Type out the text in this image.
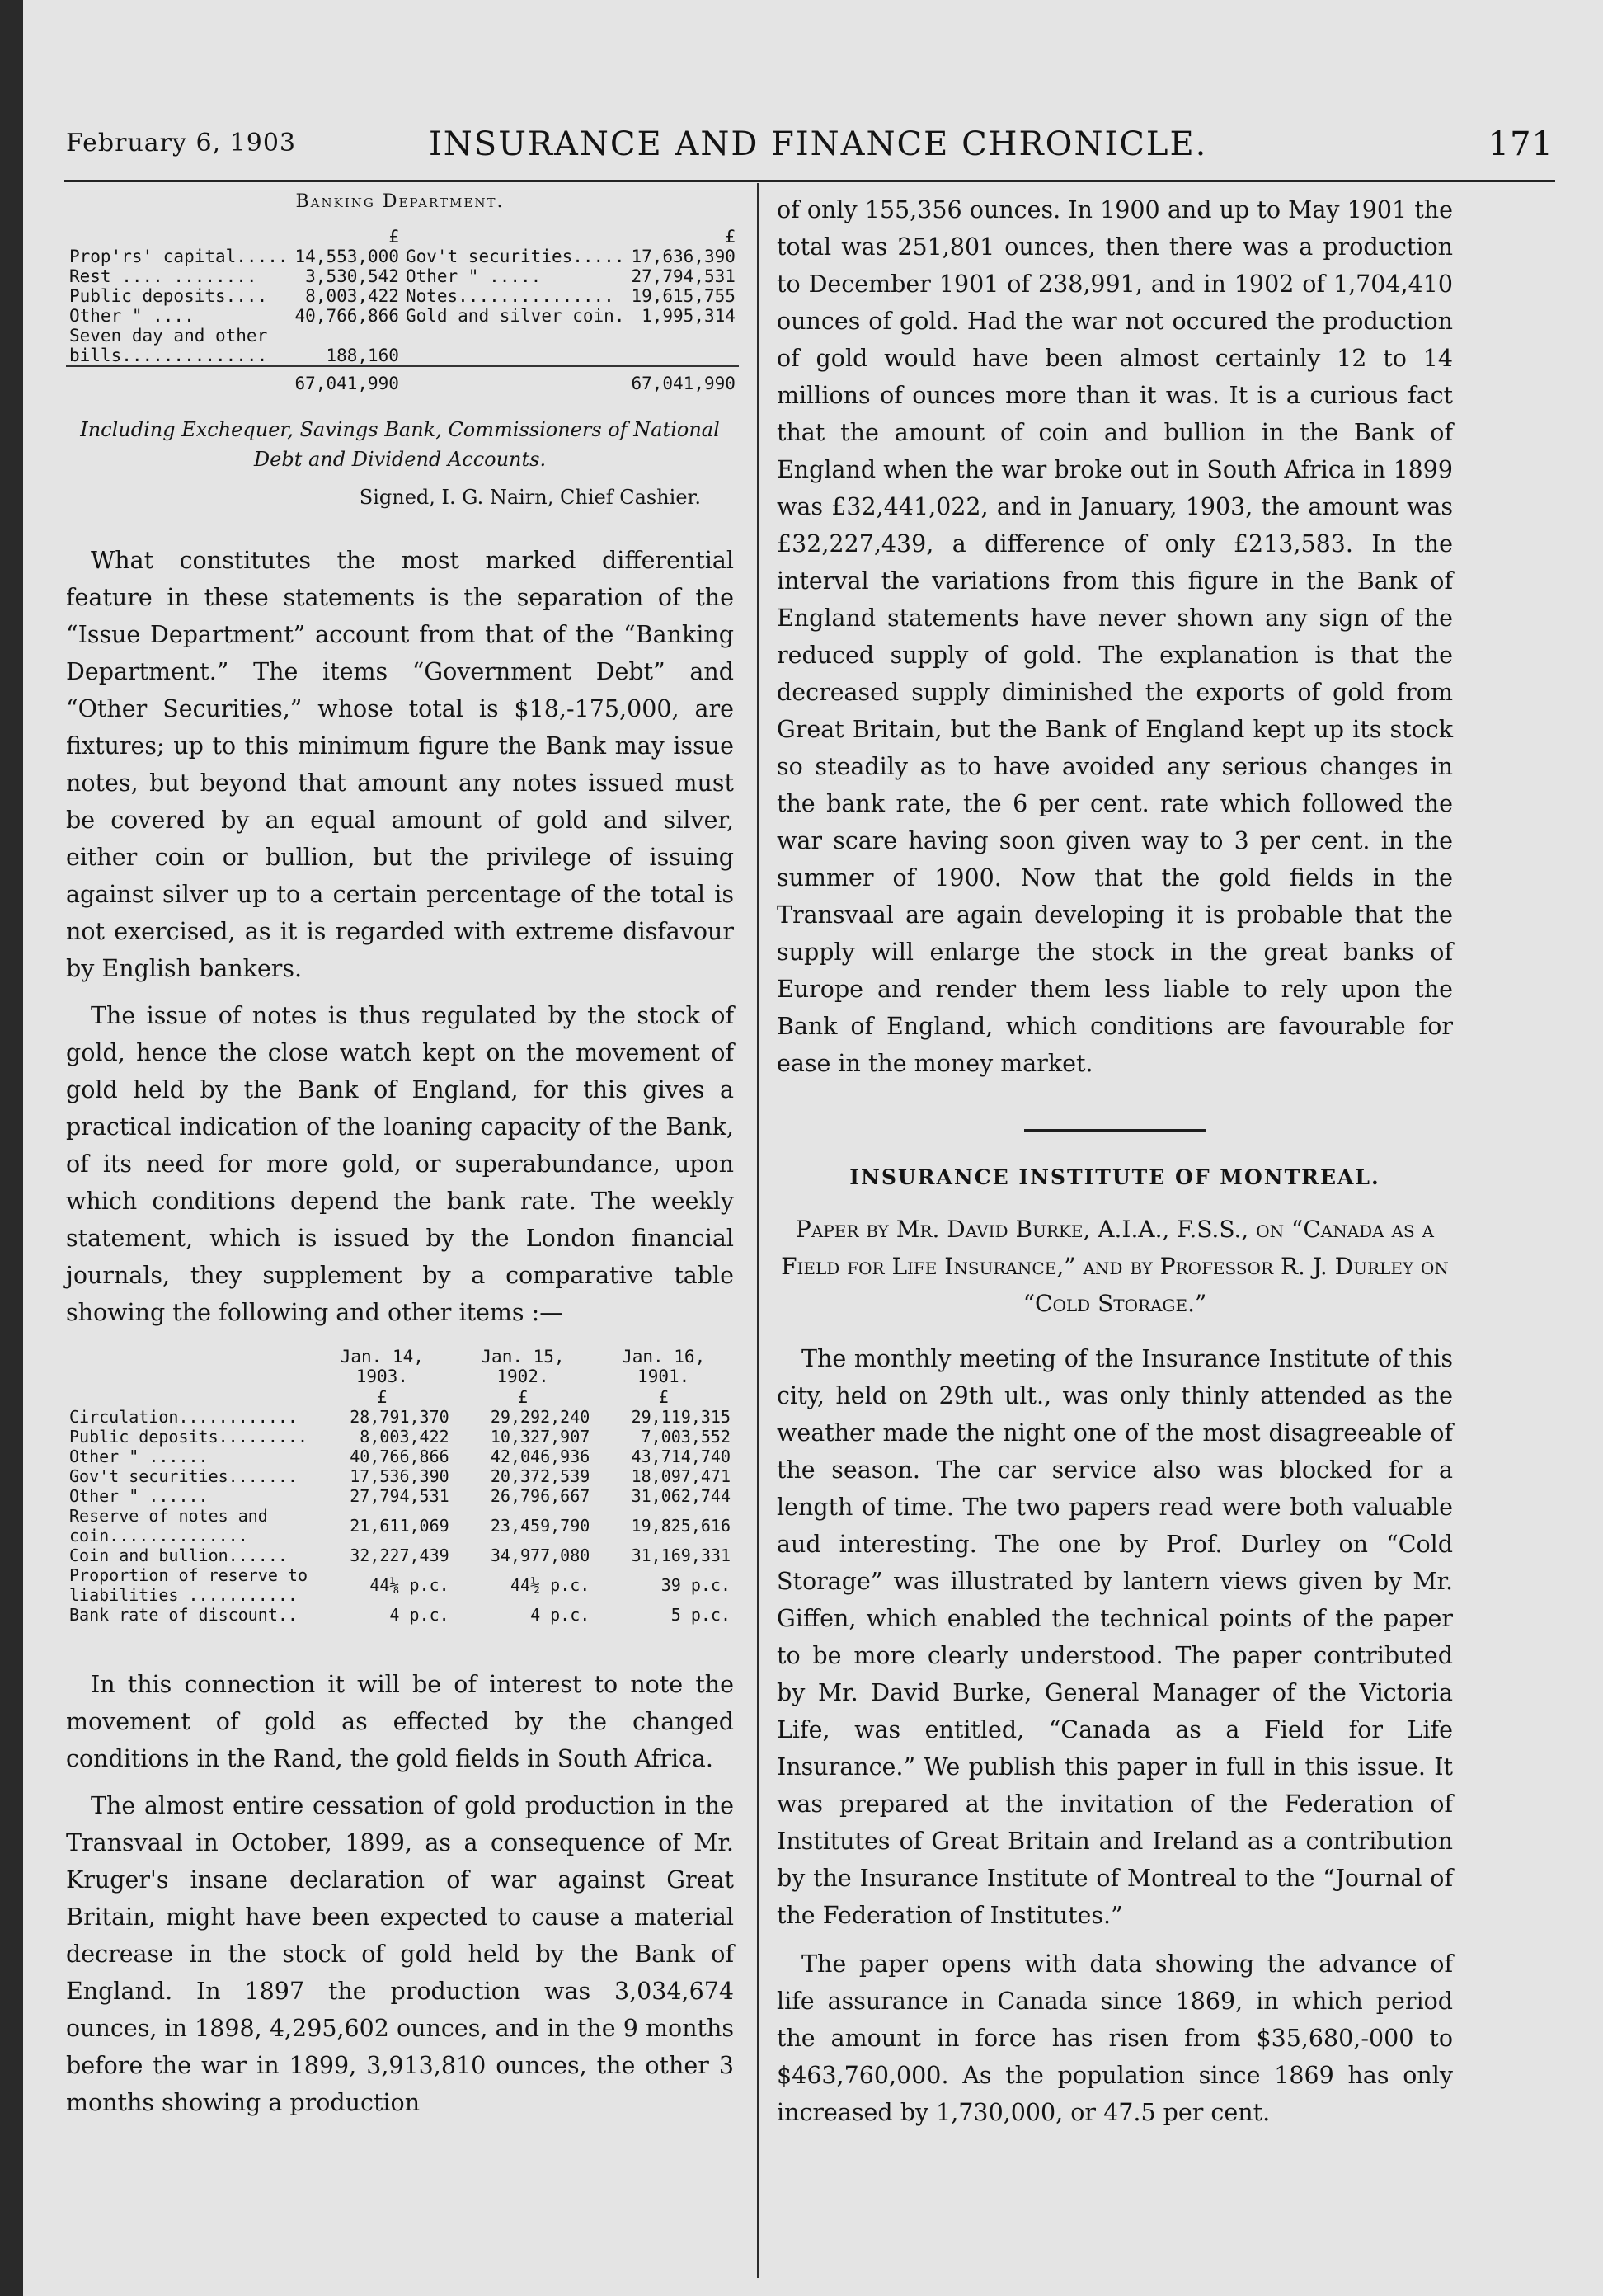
February 6, 1903	INSURANCE AND FINANCE CHRONICLE.	171
Banking Department.
	£		£
Prop'rs' capital.....	14,553,000	Gov't securities.....	17,636,390
Rest .... ........	3,530,542	Other " .....	27,794,531
Public deposits....	8,003,422	Notes...............	19,615,755
Other " ....	40,766,866	Gold and silver coin.	1,995,314
Seven day and other			
bills..............	188,160		
	67,041,990		67,041,990
Including Exchequer, Savings Bank, Commissioners of National
Debt and Dividend Accounts.
Signed, I. G. Nairn, Chief Cashier.

What constitutes the most marked differential feature in these statements is the separation of the “Issue Department” account from that of the “Banking Department.” The items “Government Debt” and “Other Securities,” whose total is $18,-175,000, are fixtures; up to this minimum figure the Bank may issue notes, but beyond that amount any notes issued must be covered by an equal amount of gold and silver, either coin or bullion, but the privilege of issuing against silver up to a certain percentage of the total is not exercised, as it is regarded with extreme disfavour by English bankers.

The issue of notes is thus regulated by the stock of gold, hence the close watch kept on the movement of gold held by the Bank of England, for this gives a practical indication of the loaning capacity of the Bank, of its need for more gold, or superabundance, upon which conditions depend the bank rate. The weekly statement, which is issued by the London financial journals, they supplement by a comparative table showing the following and other items :—

	Jan. 14, 1903.	Jan. 15, 1902.	Jan. 16, 1901.
	£	£	£
Circulation............	28,791,370	29,292,240	29,119,315
Public deposits.........	8,003,422	10,327,907	7,003,552
Other " ......	40,766,866	42,046,936	43,714,740
Gov't securities.......	17,536,390	20,372,539	18,097,471
Other " ......	27,794,531	26,796,667	31,062,744
Reserve of notes and coin..............	21,611,069	23,459,790	19,825,616
Coin and bullion......	32,227,439	34,977,080	31,169,331
Proportion of reserve to liabilities ...........	44⅛ p.c.	44½ p.c.	39 p.c.
Bank rate of discount..	4 p.c.	4 p.c.	5 p.c.

In this connection it will be of interest to note the movement of gold as effected by the changed conditions in the Rand, the gold fields in South Africa.

The almost entire cessation of gold production in the Transvaal in October, 1899, as a consequence of Mr. Kruger's insane declaration of war against Great Britain, might have been expected to cause a material decrease in the stock of gold held by the Bank of England. In 1897 the production was 3,034,674 ounces, in 1898, 4,295,602 ounces, and in the 9 months before the war in 1899, 3,913,810 ounces, the other 3 months showing a production

of only 155,356 ounces. In 1900 and up to May 1901 the total was 251,801 ounces, then there was a production to December 1901 of 238,991, and in 1902 of 1,704,410 ounces of gold. Had the war not occured the production of gold would have been almost certainly 12 to 14 millions of ounces more than it was. It is a curious fact that the amount of coin and bullion in the Bank of England when the war broke out in South Africa in 1899 was £32,441,022, and in January, 1903, the amount was £32,227,439, a difference of only £213,583. In the interval the variations from this figure in the Bank of England statements have never shown any sign of the reduced supply of gold. The explanation is that the decreased supply diminished the exports of gold from Great Britain, but the Bank of England kept up its stock so steadily as to have avoided any serious changes in the bank rate, the 6 per cent. rate which followed the war scare having soon given way to 3 per cent. in the summer of 1900. Now that the gold fields in the Transvaal are again developing it is probable that the supply will enlarge the stock in the great banks of Europe and render them less liable to rely upon the Bank of England, which conditions are favourable for ease in the money market.

INSURANCE INSTITUTE OF MONTREAL.
Paper by Mr. David Burke, A.I.A., F.S.S., on “Canada as a Field for Life Insurance,” and by Professor R. J. Durley on “Cold Storage.”

The monthly meeting of the Insurance Institute of this city, held on 29th ult., was only thinly attended as the weather made the night one of the most disagreeable of the season. The car service also was blocked for a length of time. The two papers read were both valuable aud interesting. The one by Prof. Durley on “Cold Storage” was illustrated by lantern views given by Mr. Giffen, which enabled the technical points of the paper to be more clearly understood. The paper contributed by Mr. David Burke, General Manager of the Victoria Life, was entitled, “Canada as a Field for Life Insurance.” We publish this paper in full in this issue. It was prepared at the invitation of the Federation of Institutes of Great Britain and Ireland as a contribution by the Insurance Institute of Montreal to the “Journal of the Federation of Institutes.”

The paper opens with data showing the advance of life assurance in Canada since 1869, in which period the amount in force has risen from $35,680,-000 to $463,760,000. As the population since 1869 has only increased by 1,730,000, or 47.5 per cent.
